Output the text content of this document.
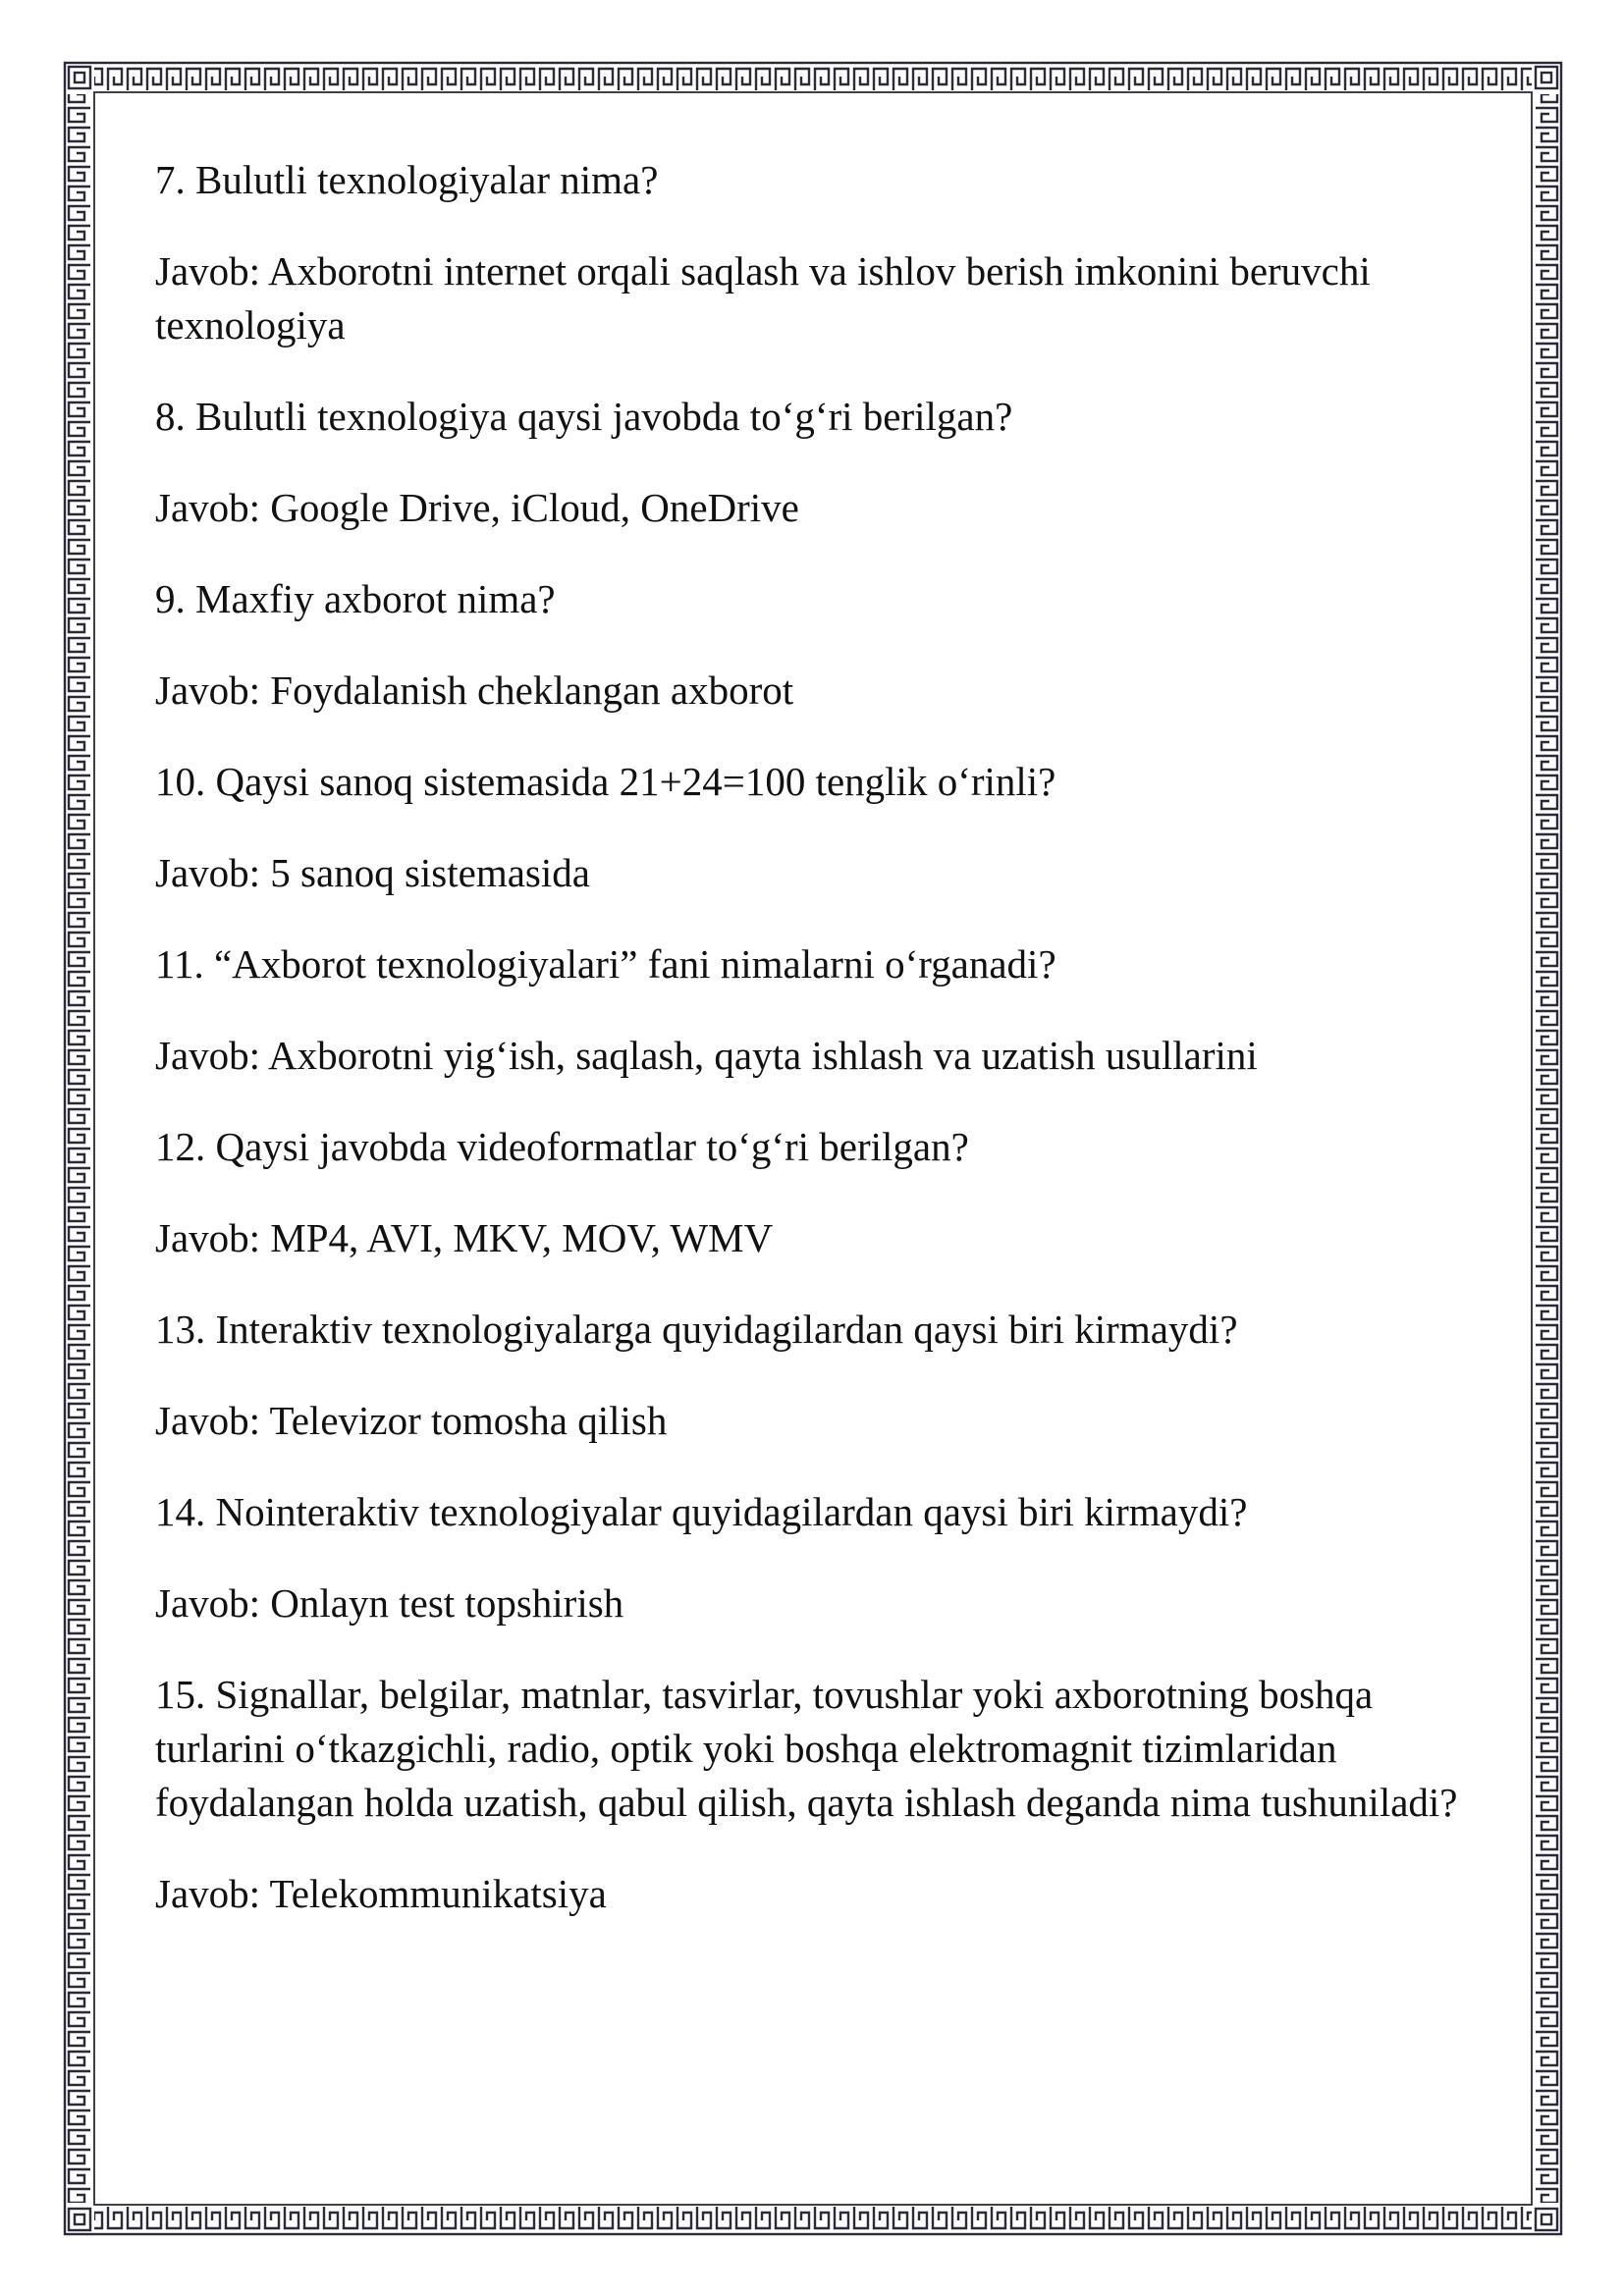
7. Bulutli texnologiyalar nima?

Javob: Axborotni internet orqali saqlash va ishlov berish imkonini beruvchi texnologiya

8. Bulutli texnologiya qaysi javobda to‘g‘ri berilgan?

Javob: Google Drive, iCloud, OneDrive

9. Maxfiy axborot nima?

Javob: Foydalanish cheklangan axborot

10. Qaysi sanoq sistemasida 21+24=100 tenglik o‘rinli?

Javob: 5 sanoq sistemasida

11. “Axborot texnologiyalari” fani nimalarni o‘rganadi?

Javob: Axborotni yig‘ish, saqlash, qayta ishlash va uzatish usullarini

12. Qaysi javobda videoformatlar to‘g‘ri berilgan?

Javob: MP4, AVI, MKV, MOV, WMV

13. Interaktiv texnologiyalarga quyidagilardan qaysi biri kirmaydi?

Javob: Televizor tomosha qilish

14. Nointeraktiv texnologiyalar quyidagilardan qaysi biri kirmaydi?

Javob: Onlayn test topshirish

15. Signallar, belgilar, matnlar, tasvirlar, tovushlar yoki axborotning boshqa turlarini o‘tkazgichli, radio, optik yoki boshqa elektromagnit tizimlaridan foydalangan holda uzatish, qabul qilish, qayta ishlash deganda nima tushuniladi?

Javob: Telekommunikatsiya
